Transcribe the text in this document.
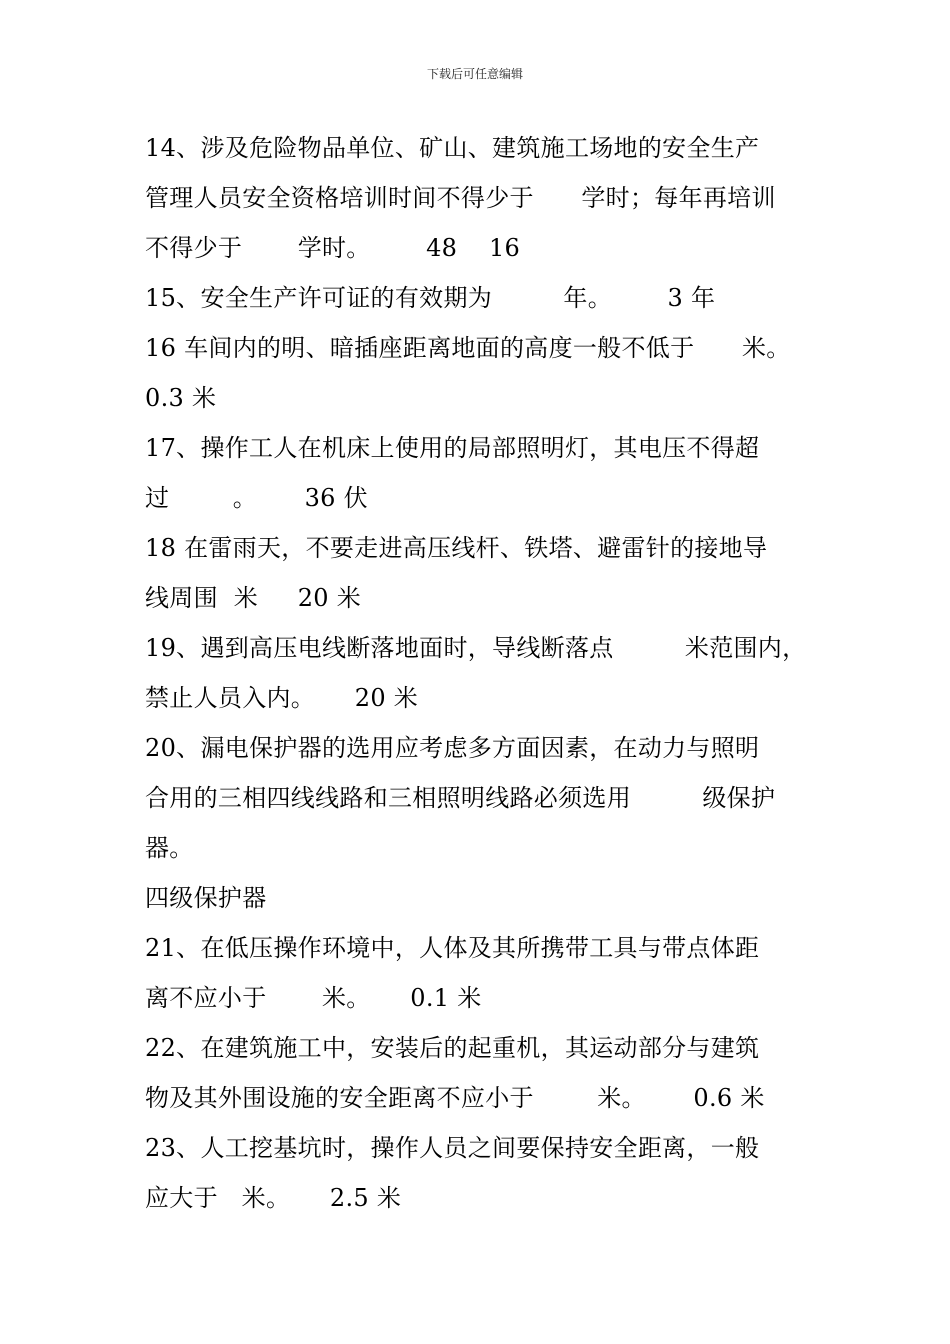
下载后可任意编辑
14、涉及危险物品单位、矿山、建筑施工场地的安全生产
管理人员安全资格培训时间不得少于      学时；每年再培训
不得少于       学时。       48    16
15、安全生产许可证的有效期为         年。       3 年
16 车间内的明、暗插座距离地面的高度一般不低于      米。
0.3 米
17、操作工人在机床上使用的局部照明灯，其电压不得超
过        。      36 伏
18 在雷雨天，不要走进高压线杆、铁塔、避雷针的接地导
线周围  米     20 米
19、遇到高压电线断落地面时，导线断落点         米范围内，
禁止人员入内。     20 米
20、漏电保护器的选用应考虑多方面因素，在动力与照明
合用的三相四线线路和三相照明线路必须选用         级保护
器。
四级保护器
21、在低压操作环境中，人体及其所携带工具与带点体距
离不应小于       米。     0.1 米
22、在建筑施工中，安装后的起重机，其运动部分与建筑
物及其外围设施的安全距离不应小于        米。      0.6 米
23、人工挖基坑时，操作人员之间要保持安全距离，一般
应大于   米。     2.5 米
